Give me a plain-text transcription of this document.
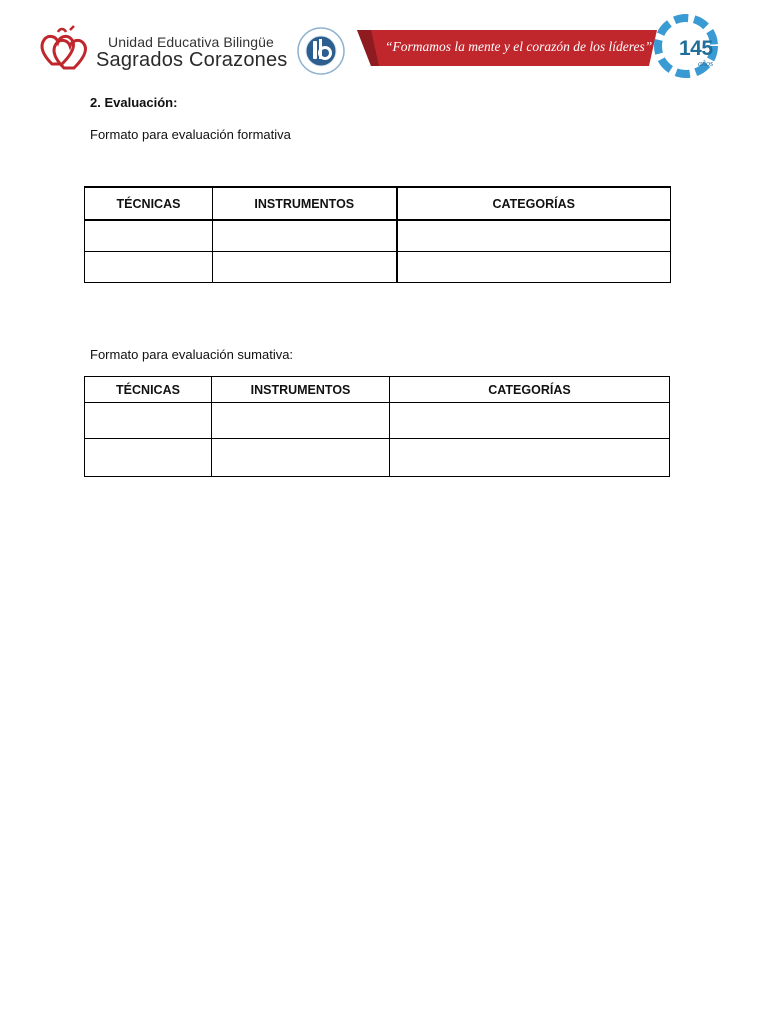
Unidad Educativa Bilingüe
Sagrados Corazones
“Formamos la mente y el corazón de los líderes” 145
años
2. Evaluación:
Formato para evaluación formativa
TÉCNICAS	INSTRUMENTOS	CATEGORÍAS

Formato para evaluación sumativa:
TÉCNICAS	INSTRUMENTOS	CATEGORÍAS
